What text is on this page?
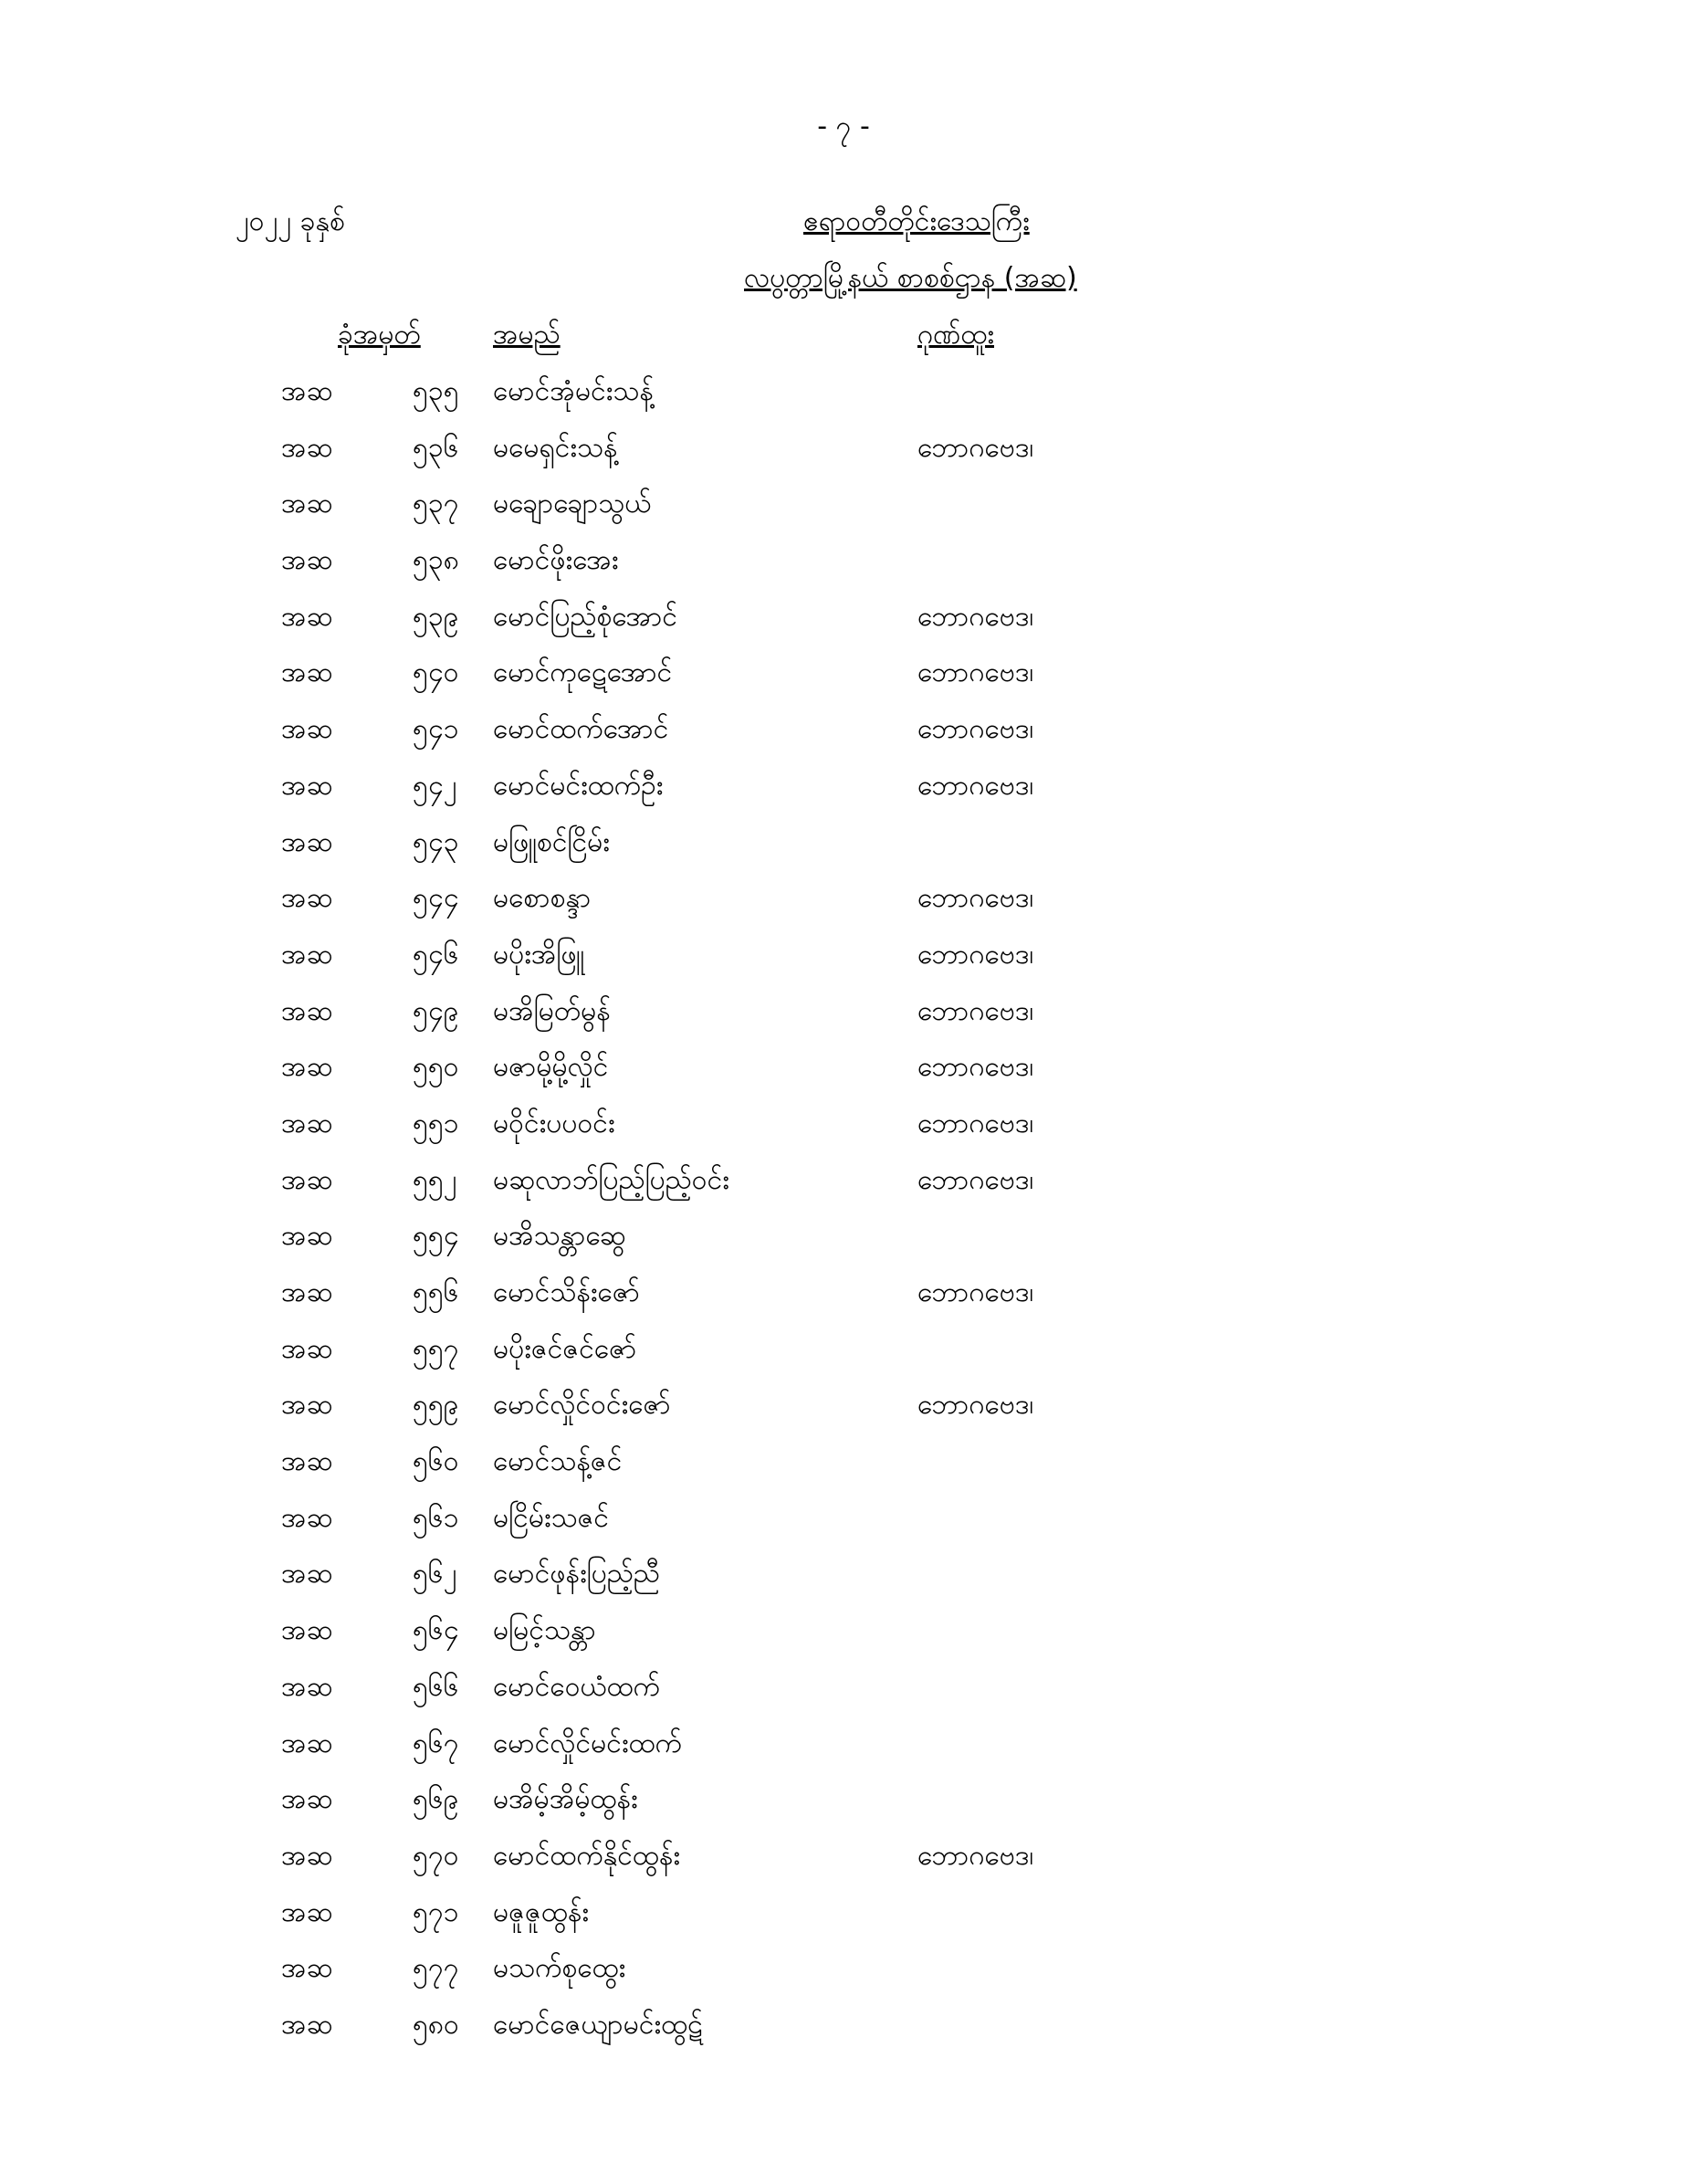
- ၇ -
၂၀၂၂ ခုနှစ်	ဧရာဝတီတိုင်းဒေသကြီး
လပွတ္တာမြို့နယ် စာစစ်ဌာန (အဆ)
ခုံအမှတ်	အမည်	ဂုဏ်ထူး
အဆ	၅၃၅ မောင်အုံမင်းသန့်
အဆ	၅၃၆ မမေရှင်းသန့်	ဘောဂဗေဒ၊
အဆ	၅၃၇ မချောချောသွယ်
အဆ	၅၃၈ မောင်ဖိုးအေး
အဆ	၅၃၉ မောင်ပြည့်စုံအောင်	ဘောဂဗေဒ၊
အဆ	၅၄၀ မောင်ကုဋေအောင်	ဘောဂဗေဒ၊
အဆ	၅၄၁ မောင်ထက်အောင်	ဘောဂဗေဒ၊
အဆ	၅၄၂ မောင်မင်းထက်ဦး	ဘောဂဗေဒ၊
အဆ	၅၄၃ မဖြူစင်ငြိမ်း
အဆ	၅၄၄ မစောစန္ဒာ	ဘောဂဗေဒ၊
အဆ	၅၄၆ မပိုးအိဖြူ	ဘောဂဗေဒ၊
အဆ	၅၄၉ မအိမြတ်မွန်	ဘောဂဗေဒ၊
အဆ	၅၅၀ မဇာမို့မို့လှိုင်	ဘောဂဗေဒ၊
အဆ	၅၅၁ မဝိုင်းပပဝင်း	ဘောဂဗေဒ၊
အဆ	၅၅၂ မဆုလာဘ်ပြည့်ပြည့်ဝင်း	ဘောဂဗေဒ၊
အဆ	၅၅၄ မအိသန္တာဆွေ
အဆ	၅၅၆ မောင်သိန်းဇော်	ဘောဂဗေဒ၊
အဆ	၅၅၇ မပိုးဇင်ဇင်ဇော်
အဆ	၅၅၉ မောင်လှိုင်ဝင်းဇော်	ဘောဂဗေဒ၊
အဆ	၅၆၀ မောင်သန့်ဇင်
အဆ	၅၆၁ မငြိမ်းသဇင်
အဆ	၅၆၂ မောင်ဖုန်းပြည့်ညီ
အဆ	၅၆၄ မမြင့်သန္တာ
အဆ	၅၆၆ မောင်ဝေယံထက်
အဆ	၅၆၇ မောင်လှိုင်မင်းထက်
အဆ	၅၆၉ မအိမ့်အိမ့်ထွန်း
အဆ	၅၇၀ မောင်ထက်နိုင်ထွန်း	ဘောဂဗေဒ၊
အဆ	၅၇၁ မဇူဇူထွန်း
အဆ	၅၇၇ မသက်စုထွေး
အဆ	၅၈၀ မောင်ဇေယျာမင်းထွဋ်
